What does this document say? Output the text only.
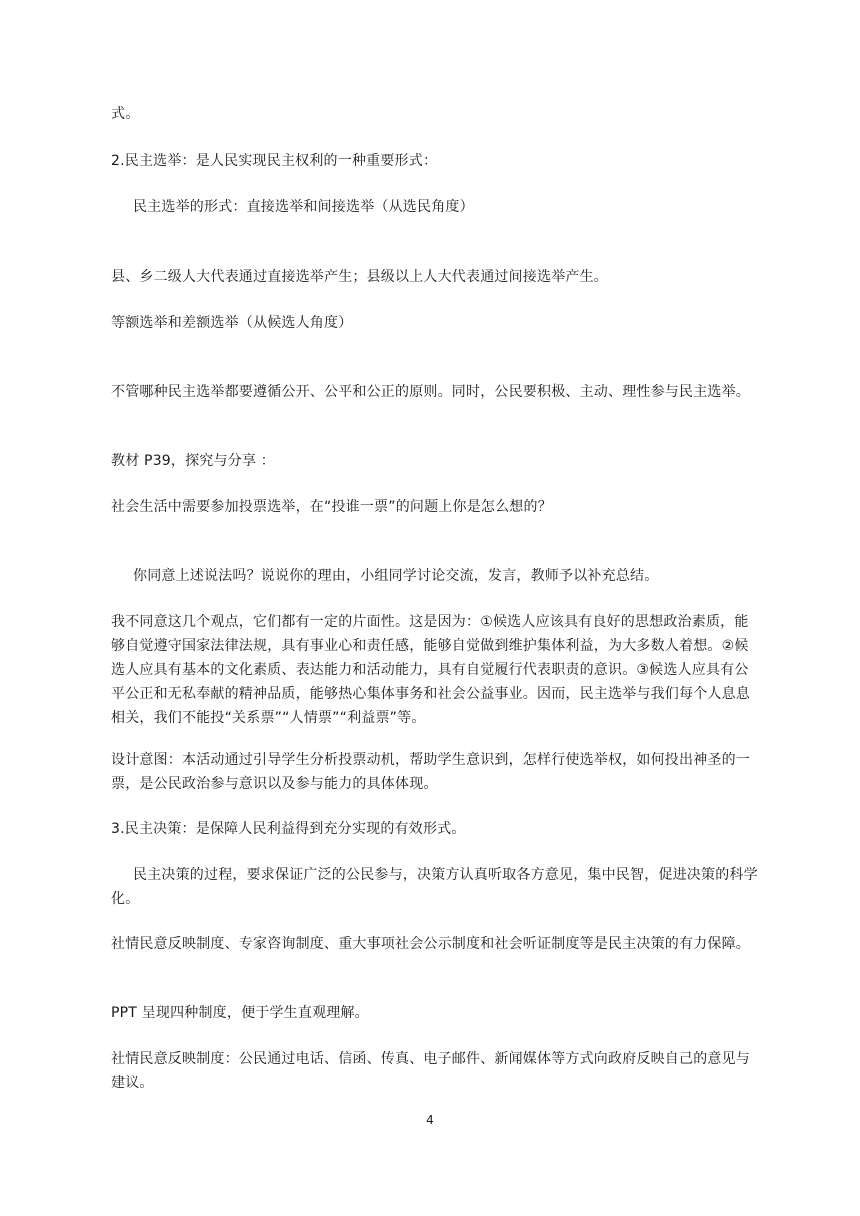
式。

2.民主选举：是人民实现民主权利的一种重要形式：

民主选举的形式：直接选举和间接选举（从选民角度）

县、乡二级人大代表通过直接选举产生；县级以上人大代表通过间接选举产生。

等额选举和差额选举（从候选人角度）

不管哪种民主选举都要遵循公开、公平和公正的原则。同时，公民要积极、主动、理性参与民主选举。

教材 P39，探究与分享 ：

社会生活中需要参加投票选举，在“投谁一票”的问题上你是怎么想的？

你同意上述说法吗？说说你的理由，小组同学讨论交流，发言，教师予以补充总结。

我不同意这几个观点，它们都有一定的片面性。这是因为：①候选人应该具有良好的思想政治素质，能够自觉遵守国家法律法规，具有事业心和责任感，能够自觉做到维护集体利益，为大多数人着想。②候选人应具有基本的文化素质、表达能力和活动能力，具有自觉履行代表职责的意识。③候选人应具有公平公正和无私奉献的精神品质，能够热心集体事务和社会公益事业。因而，民主选举与我们每个人息息相关，我们不能投“关系票”“人情票”“利益票”等。

设计意图：本活动通过引导学生分析投票动机，帮助学生意识到，怎样行使选举权，如何投出神圣的一票，是公民政治参与意识以及参与能力的具体体现。

3.民主决策：是保障人民利益得到充分实现的有效形式。

民主决策的过程，要求保证广泛的公民参与，决策方认真听取各方意见，集中民智，促进决策的科学化。

社情民意反映制度、专家咨询制度、重大事项社会公示制度和社会听证制度等是民主决策的有力保障。

PPT 呈现四种制度，便于学生直观理解。

社情民意反映制度：公民通过电话、信函、传真、电子邮件、新闻媒体等方式向政府反映自己的意见与建议。

4
